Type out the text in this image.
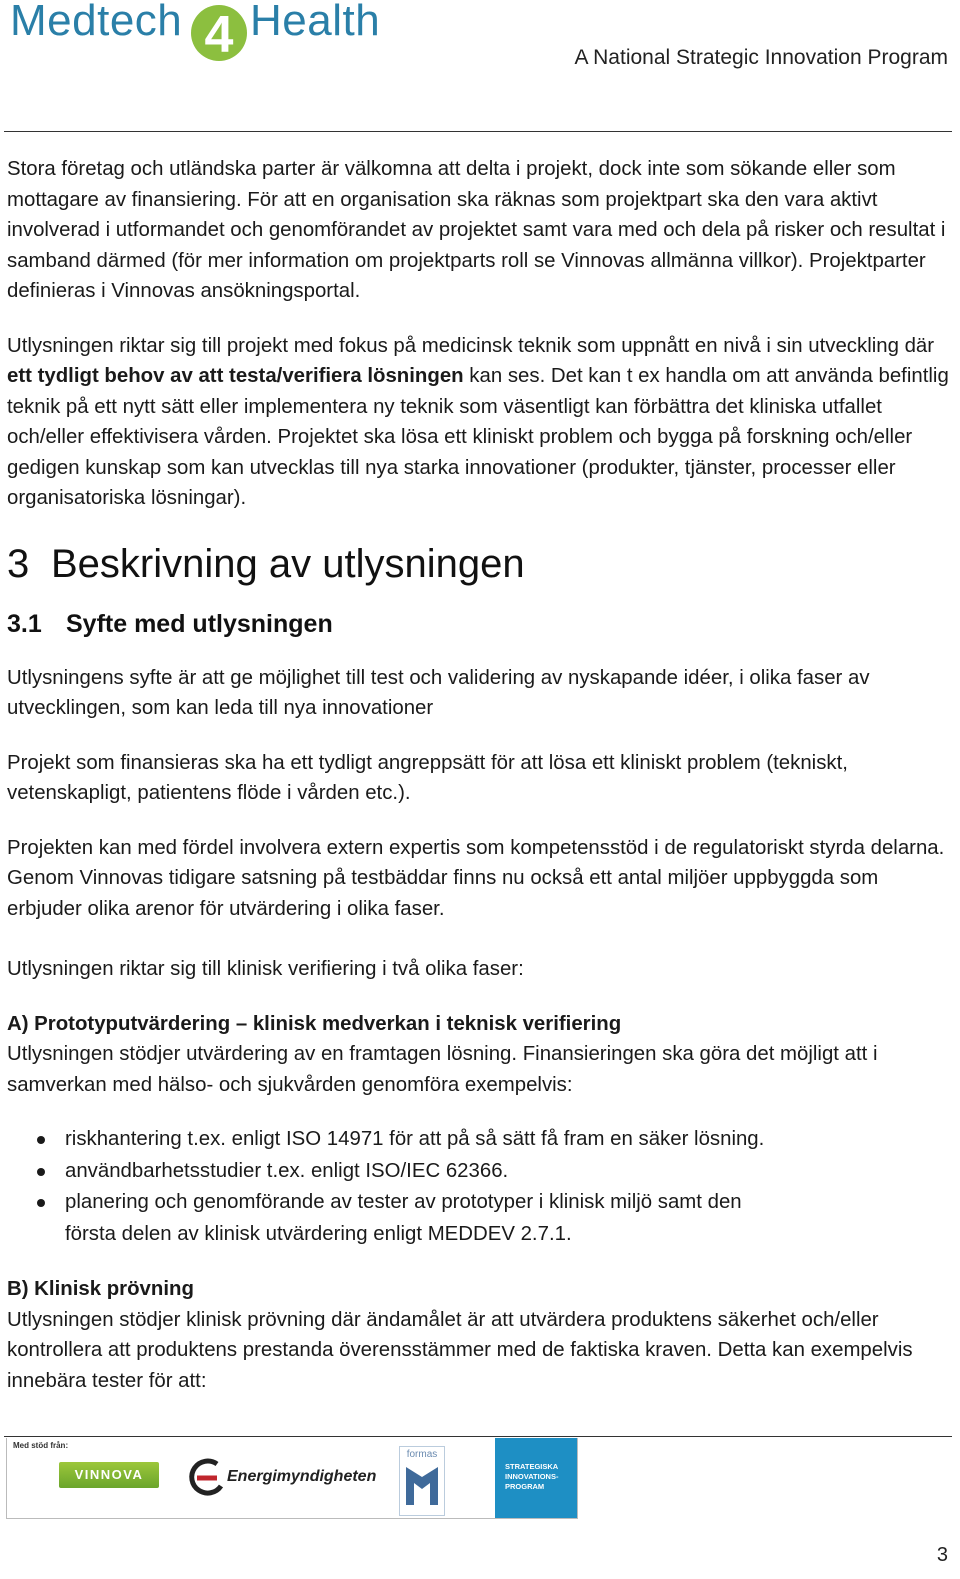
Medtech 4 Health
A National Strategic Innovation Program

Stora företag och utländska parter är välkomna att delta i projekt, dock inte som sökande eller som mottagare av finansiering. För att en organisation ska räknas som projektpart ska den vara aktivt involverad i utformandet och genomförandet av projektet samt vara med och dela på risker och resultat i samband därmed (för mer information om projektparts roll se Vinnovas allmänna villkor). Projektparter definieras i Vinnovas ansökningsportal.

Utlysningen riktar sig till projekt med fokus på medicinsk teknik som uppnått en nivå i sin utveckling där ett tydligt behov av att testa/verifiera lösningen kan ses. Det kan t ex handla om att använda befintlig teknik på ett nytt sätt eller implementera ny teknik som väsentligt kan förbättra det kliniska utfallet och/eller effektivisera vården. Projektet ska lösa ett kliniskt problem och bygga på forskning och/eller gedigen kunskap som kan utvecklas till nya starka innovationer (produkter, tjänster, processer eller organisatoriska lösningar).

3 Beskrivning av utlysningen
3.1 Syfte med utlysningen

Utlysningens syfte är att ge möjlighet till test och validering av nyskapande idéer, i olika faser av utvecklingen, som kan leda till nya innovationer

Projekt som finansieras ska ha ett tydligt angreppsätt för att lösa ett kliniskt problem (tekniskt, vetenskapligt, patientens flöde i vården etc.).

Projekten kan med fördel involvera extern expertis som kompetensstöd i de regulatoriskt styrda delarna. Genom Vinnovas tidigare satsning på testbäddar finns nu också ett antal miljöer uppbyggda som erbjuder olika arenor för utvärdering i olika faser.

Utlysningen riktar sig till klinisk verifiering i två olika faser:

A) Prototyputvärdering – klinisk medverkan i teknisk verifiering

Utlysningen stödjer utvärdering av en framtagen lösning. Finansieringen ska göra det möjligt att i samverkan med hälso- och sjukvården genomföra exempelvis:

riskhantering t.ex. enligt ISO 14971 för att på så sätt få fram en säker lösning.
användbarhetsstudier t.ex. enligt ISO/IEC 62366.
planering och genomförande av tester av prototyper i klinisk miljö samt den första delen av klinisk utvärdering enligt MEDDEV 2.7.1.

B) Klinisk prövning

Utlysningen stödjer klinisk prövning där ändamålet är att utvärdera produktens säkerhet och/eller kontrollera att produktens prestanda överensstämmer med de faktiska kraven. Detta kan exempelvis innebära tester för att:

Med stöd från:
VINNOVA	Energimyndigheten
formas
STRATEGISKA
INNOVATIONS-
PROGRAM
3
